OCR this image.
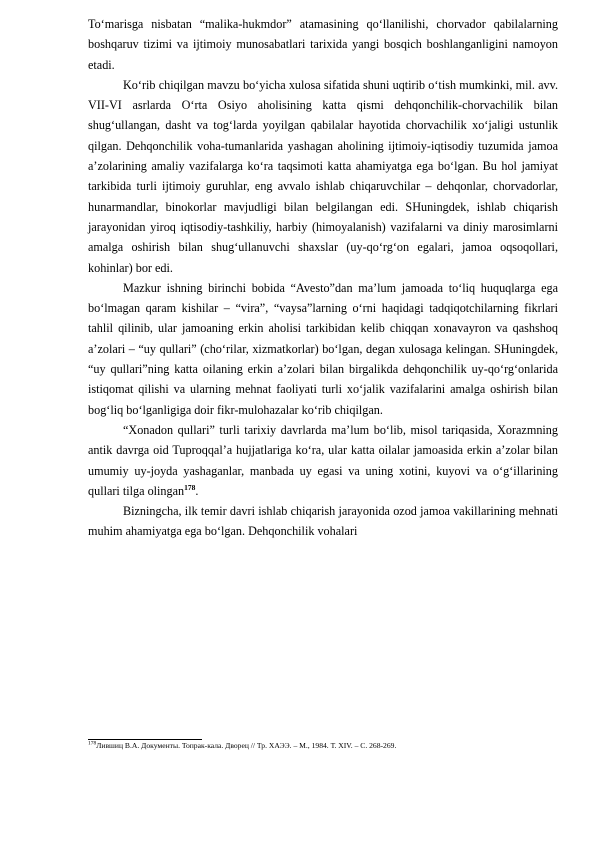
To‘marisga nisbatan “malika-hukmdor” atamasining qo‘llanilishi, chorvador qabilalarning boshqaruv tizimi va ijtimoiy munosabatlari tarixida yangi bosqich boshlanganligini namoyon etadi.

Ko‘rib chiqilgan mavzu bo‘yicha xulosa sifatida shuni uqtirib o‘tish mumkinki, mil. avv. VII-VI asrlarda O‘rta Osiyo aholisining katta qismi dehqonchilik-chorvachilik bilan shug‘ullangan, dasht va tog‘larda yoyilgan qabilalar hayotida chorvachilik xo‘jaligi ustunlik qilgan. Dehqonchilik voha-tumanlarida yashagan aholining ijtimoiy-iqtisodiy tuzumida jamoa a’zolarining amaliy vazifalarga ko‘ra taqsimoti katta ahamiyatga ega bo‘lgan. Bu hol jamiyat tarkibida turli ijtimoiy guruhlar, eng avvalo ishlab chiqaruvchilar – dehqonlar, chorvadorlar, hunarmandlar, binokorlar mavjudligi bilan belgilangan edi. SHuningdek, ishlab chiqarish jarayonidan yiroq iqtisodiy-tashkiliy, harbiy (himoyalanish) vazifalarni va diniy marosimlarni amalga oshirish bilan shug‘ullanuvchi shaxslar (uy-qo‘rg‘on egalari, jamoa oqsoqollari, kohinlar) bor edi.

Mazkur ishning birinchi bobida “Avesto”dan ma’lum jamoada to‘liq huquqlarga ega bo‘lmagan qaram kishilar – “vira”, “vaysa”larning o‘rni haqidagi tadqiqotchilarning fikrlari tahlil qilinib, ular jamoaning erkin aholisi tarkibidan kelib chiqqan xonavayron va qashshoq a’zolari – “uy qullari” (cho‘rilar, xizmatkorlar) bo‘lgan, degan xulosaga kelingan. SHuningdek, “uy qullari”ning katta oilaning erkin a’zolari bilan birgalikda dehqonchilik uy-qo‘rg‘onlarida istiqomat qilishi va ularning mehnat faoliyati turli xo‘jalik vazifalarini amalga oshirish bilan bog‘liq bo‘lganligiga doir fikr-mulohazalar ko‘rib chiqilgan.

“Xonadon qullari” turli tarixiy davrlarda ma’lum bo‘lib, misol tariqasida, Xorazmning antik davrga oid Tuproqqal’a hujjatlariga ko‘ra, ular katta oilalar jamoasida erkin a’zolar bilan umumiy uy-joyda yashaganlar, manbada uy egasi va uning xotini, kuyovi va o‘g‘illarining qullari tilga olingan$^{178}$.

Bizningcha, ilk temir davri ishlab chiqarish jarayonida ozod jamoa vakillarining mehnati muhim ahamiyatga ega bo‘lgan. Dehqonchilik vohalari

$^{178}$Лившиц В.А. Документы. Топрак-кала. Дворец // Тр. ХАЭЭ. – М., 1984. Т. XIV. – С. 268-269.
